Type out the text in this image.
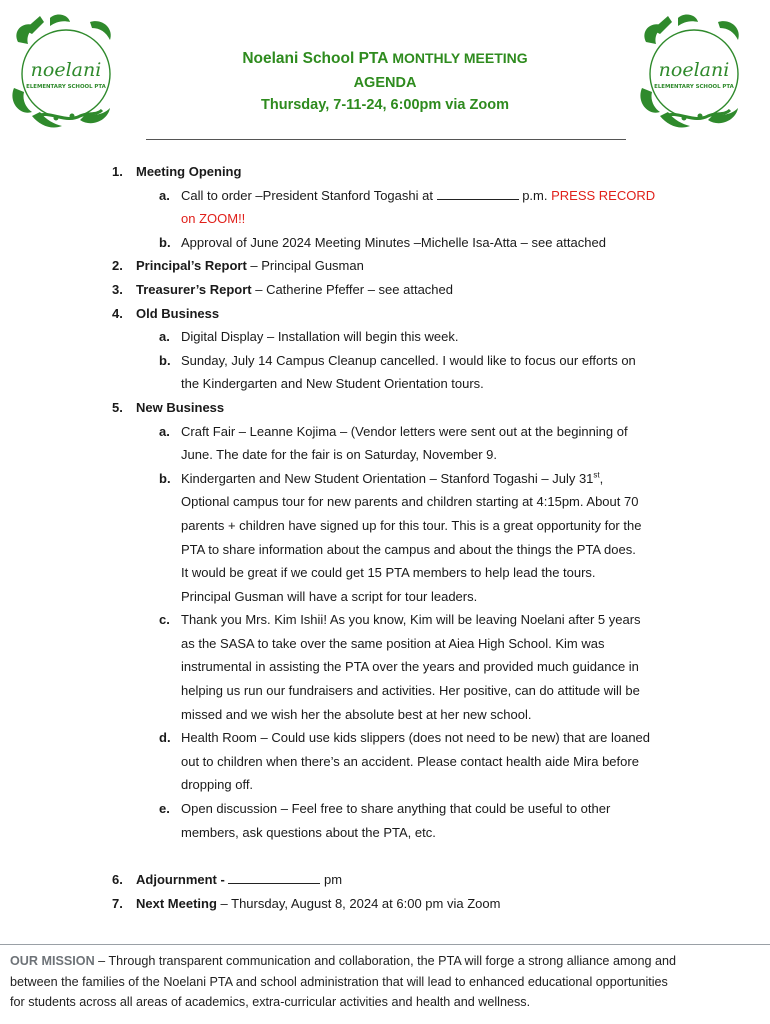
noelani
ELEMENTARY SCHOOL PTA
noelani
ELEMENTARY SCHOOL PTA
Noelani School PTA MONTHLY MEETING
AGENDA
Thursday, 7-11-24, 6:00pm via Zoom
1. Meeting Opening
a. Call to order –President Stanford Togashi at	p.m. PRESS RECORD
on ZOOM!!
b. Approval of June 2024 Meeting Minutes –Michelle Isa-Atta – see attached
2. Principal’s Report – Principal Gusman
3. Treasurer’s Report – Catherine Pfeffer – see attached
4. Old Business
a. Digital Display – Installation will begin this week.
b. Sunday, July 14 Campus Cleanup cancelled. I would like to focus our efforts on
the Kindergarten and New Student Orientation tours.
5. New Business
a. Craft Fair – Leanne Kojima – (Vendor letters were sent out at the beginning of
June. The date for the fair is on Saturday, November 9.
b. Kindergarten and New Student Orientation – Stanford Togashi – July 31st,
Optional campus tour for new parents and children starting at 4:15pm. About 70
parents + children have signed up for this tour. This is a great opportunity for the
PTA to share information about the campus and about the things the PTA does.
It would be great if we could get 15 PTA members to help lead the tours.
Principal Gusman will have a script for tour leaders.
c. Thank you Mrs. Kim Ishii! As you know, Kim will be leaving Noelani after 5 years
as the SASA to take over the same position at Aiea High School. Kim was
instrumental in assisting the PTA over the years and provided much guidance in
helping us run our fundraisers and activities. Her positive, can do attitude will be
missed and we wish her the absolute best at her new school.
d. Health Room – Could use kids slippers (does not need to be new) that are loaned
out to children when there’s an accident. Please contact health aide Mira before
dropping off.
e. Open discussion – Feel free to share anything that could be useful to other
members, ask questions about the PTA, etc.
6. Adjournment -	pm
7. Next Meeting – Thursday, August 8, 2024 at 6:00 pm via Zoom
OUR MISSION – Through transparent communication and collaboration, the PTA will forge a strong alliance among and
between the families of the Noelani PTA and school administration that will lead to enhanced educational opportunities
for students across all areas of academics, extra-curricular activities and health and wellness.
